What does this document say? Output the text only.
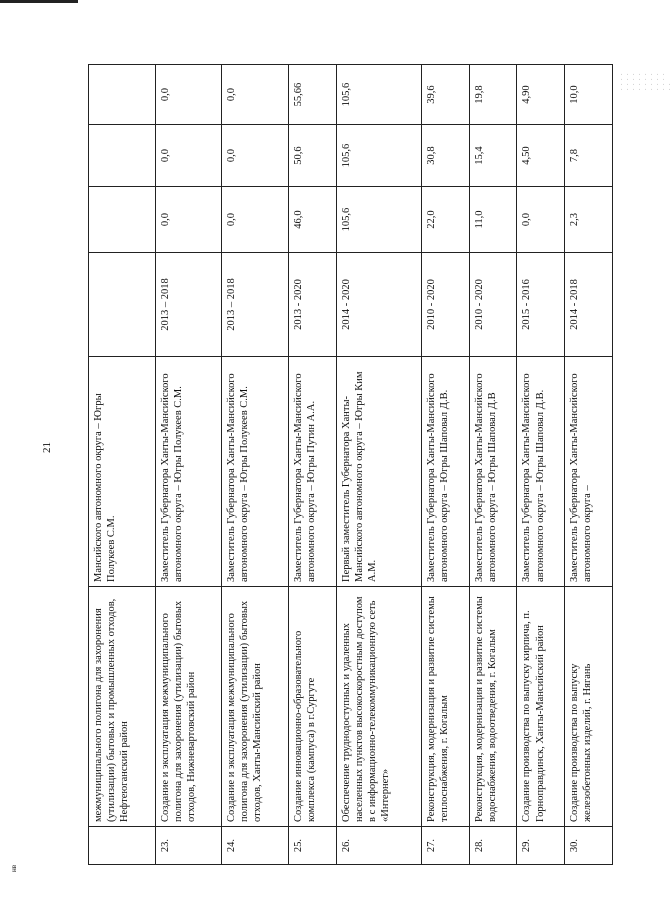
21
нв
. . . . . . . . . . . . . . . . . . . . . . . . . . . . . . . . . .
	межмуниципального полигона для захоронения (утилизации) бытовых и промышленных отходов, Нефтеюганский район	Мансийского автономного округа – Югры Полукеев С.М.				
23.	Создание и эксплуатация межмуниципального полигона для захоронения (утилизации) бытовых отходов, Нижневартовский район	Заместитель Губернатора Ханты-Мансийского автономного округа – Югры Полукеев С.М.	2013 – 2018	0,0	0,0	0,0
24.	Создание и эксплуатация межмуниципального полигона для захоронения (утилизации) бытовых отходов, Ханты-Мансийский район	Заместитель Губернатора Ханты-Мансийского автономного округа – Югры Полукеев С.М.	2013 – 2018	0,0	0,0	0,0
25.	Создание инновационно-образовательного комплекса (кампуса) в г.Сургуте	Заместитель Губернатора Ханты-Мансийского автономного округа – Югры Путин А.А.	2013 - 2020	46,0	50,6	55,66
26.	Обеспечение труднодоступных и удаленных населенных пунктов высокоскоростным доступом в с информационно-телекоммуникационную сеть «Интернет»	Первый заместитель Губернатора Ханты-Мансийского автономного округа – Югры Ким А.М.	2014 - 2020	105,6	105,6	105,6
27.	Реконструкция, модернизация и развитие системы теплоснабжения, г. Когалым	Заместитель Губернатора Ханты-Мансийского автономного округа – Югры Шаповал Д.В.	2010 - 2020	22,0	30,8	39,6
28.	Реконструкция, модернизация и развитие системы водоснабжения, водоотведения, г. Когалым	Заместитель Губернатора Ханты-Мансийского автономного округа – Югры Шаповал Д.В	2010 - 2020	11,0	15,4	19,8
29.	Создание производства по выпуску кирпича, п. Горноправдинск, Ханты-Мансийский район	Заместитель Губернатора Ханты-Мансийского автономного округа – Югры Шаповал Д.В.	2015 - 2016	0,0	4,50	4,90
30.	Создание производства по выпуску железобетонных изделий, г. Нягань	Заместитель Губернатора Ханты-Мансийского автономного округа –	2014 - 2018	2,3	7,8	10,0
